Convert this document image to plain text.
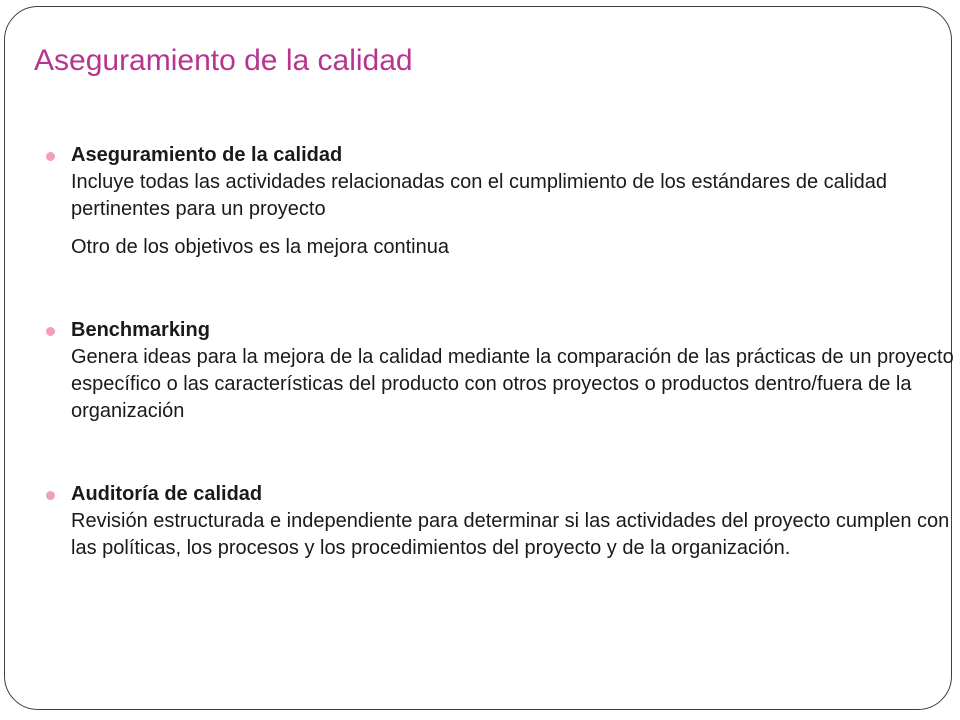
Aseguramiento de la calidad
Aseguramiento de la calidad
Incluye todas las actividades relacionadas con el cumplimiento de los estándares de calidad pertinentes para un proyecto
Otro de los objetivos es la mejora continua
Benchmarking
Genera ideas para la mejora de la calidad mediante la comparación de las prácticas de un proyecto específico o las características del producto con otros proyectos o productos dentro/fuera de la organización
Auditoría de calidad
Revisión estructurada e independiente para determinar si las actividades del proyecto cumplen con las políticas, los procesos y los procedimientos del proyecto y de la organización.
